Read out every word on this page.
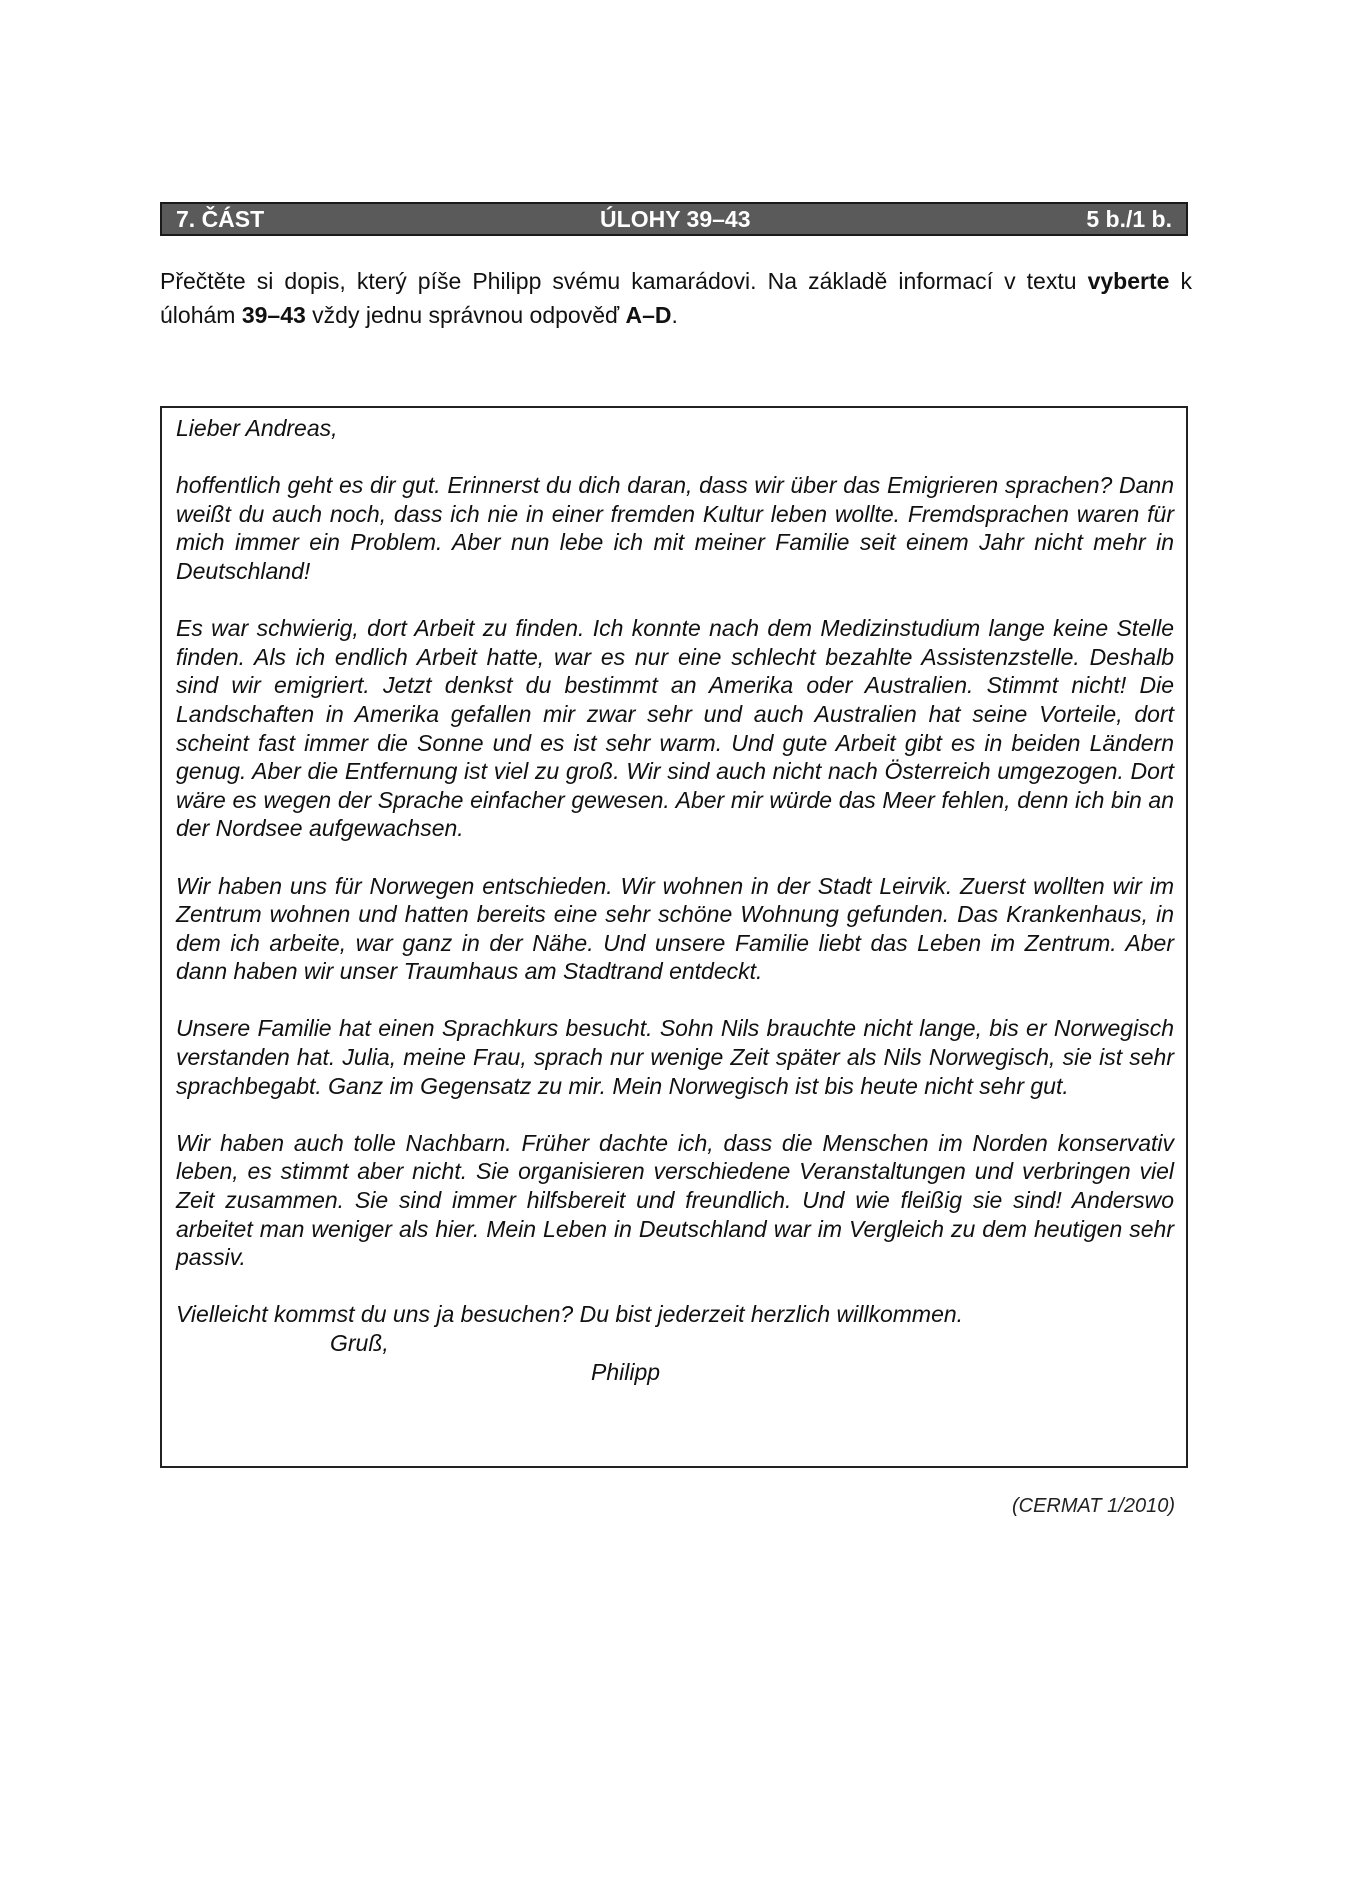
7. ČÁST	ÚLOHY 39–43	5 b./1 b.
Přečtěte si dopis, který píše Philipp svému kamarádovi. Na základě informací v textu vyberte k úlohám 39–43 vždy jednu správnou odpověď A–D.

Lieber Andreas,

hoffentlich geht es dir gut. Erinnerst du dich daran, dass wir über das Emigrieren sprachen? Dann weißt du auch noch, dass ich nie in einer fremden Kultur leben wollte. Fremdsprachen waren für mich immer ein Problem. Aber nun lebe ich mit meiner Familie seit einem Jahr nicht mehr in Deutschland!

Es war schwierig, dort Arbeit zu finden. Ich konnte nach dem Medizinstudium lange keine Stelle finden. Als ich endlich Arbeit hatte, war es nur eine schlecht bezahlte Assistenzstelle. Deshalb sind wir emigriert. Jetzt denkst du bestimmt an Amerika oder Australien. Stimmt nicht! Die Landschaften in Amerika gefallen mir zwar sehr und auch Australien hat seine Vorteile, dort scheint fast immer die Sonne und es ist sehr warm. Und gute Arbeit gibt es in beiden Ländern genug. Aber die Entfernung ist viel zu groß. Wir sind auch nicht nach Österreich umgezogen. Dort wäre es wegen der Sprache einfacher gewesen. Aber mir würde das Meer fehlen, denn ich bin an der Nordsee aufgewachsen.

Wir haben uns für Norwegen entschieden. Wir wohnen in der Stadt Leirvik. Zuerst wollten wir im Zentrum wohnen und hatten bereits eine sehr schöne Wohnung gefunden. Das Krankenhaus, in dem ich arbeite, war ganz in der Nähe. Und unsere Familie liebt das Leben im Zentrum. Aber dann haben wir unser Traumhaus am Stadtrand entdeckt.

Unsere Familie hat einen Sprachkurs besucht. Sohn Nils brauchte nicht lange, bis er Norwegisch verstanden hat. Julia, meine Frau, sprach nur wenige Zeit später als Nils Norwegisch, sie ist sehr sprachbegabt. Ganz im Gegensatz zu mir. Mein Norwegisch ist bis heute nicht sehr gut.

Wir haben auch tolle Nachbarn. Früher dachte ich, dass die Menschen im Norden konservativ leben, es stimmt aber nicht. Sie organisieren verschiedene Veranstaltungen und verbringen viel Zeit zusammen. Sie sind immer hilfsbereit und freundlich. Und wie fleißig sie sind! Anderswo arbeitet man weniger als hier. Mein Leben in Deutschland war im Vergleich zu dem heutigen sehr passiv.

Vielleicht kommst du uns ja besuchen? Du bist jederzeit herzlich willkommen.

Gruß,
Philipp
(CERMAT 1/2010)
